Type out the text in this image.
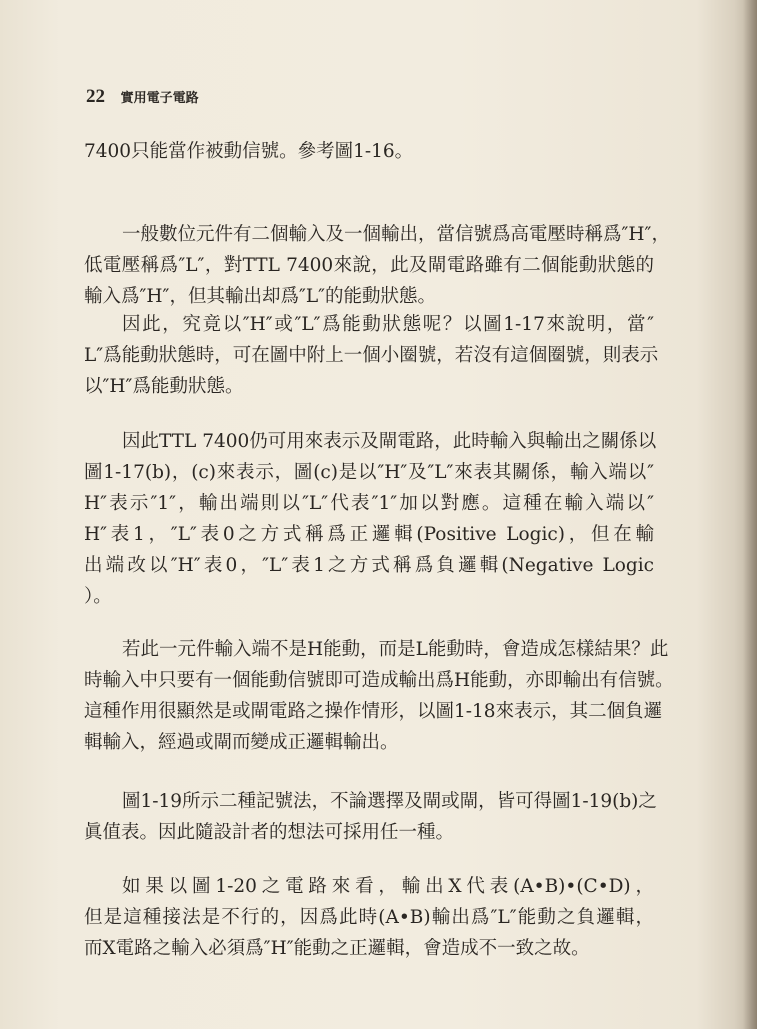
22 實用電子電路
7400只能當作被動信號。參考圖1-16。
一般數位元件有二個輸入及一個輸出，當信號爲高電壓時稱爲″H″，
低電壓稱爲″L″，對TTL 7400來說，此及閘電路雖有二個能動狀態的
輸入爲″H″，但其輸出却爲″L″的能動狀態。
因此，究竟以″H″或″L″爲能動狀態呢？以圖1-17來說明，當″
L″爲能動狀態時，可在圖中附上一個小圈號，若沒有這個圈號，則表示
以″H″爲能動狀態。
因此TTL 7400仍可用來表示及閘電路，此時輸入與輸出之關係以
圖1-17(b)，(c)來表示，圖(c)是以″H″及″L″來表其關係，輸入端以″
H″表示″1″，輸出端則以″L″代表″1″加以對應。這種在輸入端以″
H″表1，″L″表0之方式稱爲正邏輯(Positive Logic)，但在輸
出端改以″H″表0，″L″表1之方式稱爲負邏輯(Negative Logic
）。
若此一元件輸入端不是H能動，而是L能動時，會造成怎樣結果？此
時輸入中只要有一個能動信號即可造成輸出爲H能動，亦即輸出有信號。
這種作用很顯然是或閘電路之操作情形，以圖1-18來表示，其二個負邏
輯輸入，經過或閘而變成正邏輯輸出。
圖1-19所示二種記號法，不論選擇及閘或閘，皆可得圖1-19(b)之
眞值表。因此隨設計者的想法可採用任一種。
如果以圖1-20之電路來看，輸出X代表(A•B)•(C•D)，
但是這種接法是不行的，因爲此時(A•B)輸出爲″L″能動之負邏輯，
而X電路之輸入必須爲″H″能動之正邏輯，會造成不一致之故。
